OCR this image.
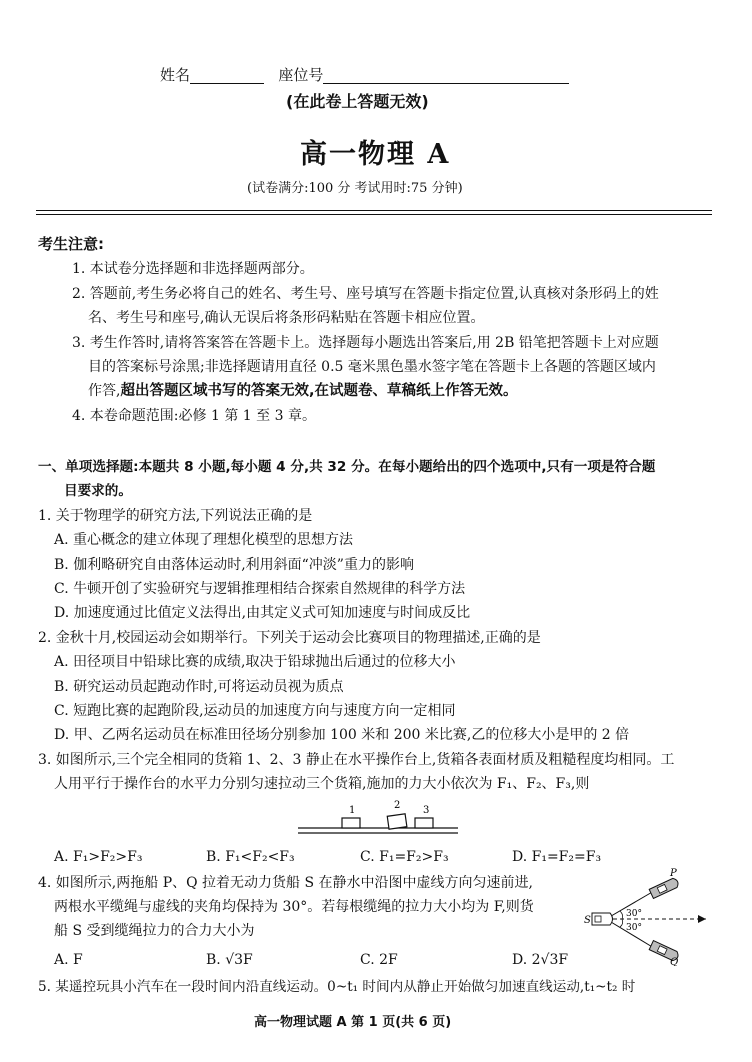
姓名	座位号
(在此卷上答题无效)
高一物理 A
(试卷满分:100 分 考试用时:75 分钟)
考生注意:
1. 本试卷分选择题和非选择题两部分。
2. 答题前,考生务必将自己的姓名、考生号、座号填写在答题卡指定位置,认真核对条形码上的姓
名、考生号和座号,确认无误后将条形码粘贴在答题卡相应位置。
3. 考生作答时,请将答案答在答题卡上。选择题每小题选出答案后,用 2B 铅笔把答题卡上对应题
目的答案标号涂黑;非选择题请用直径 0.5 毫米黑色墨水签字笔在答题卡上各题的答题区域内
作答,超出答题区域书写的答案无效,在试题卷、草稿纸上作答无效。
4. 本卷命题范围:必修 1 第 1 至 3 章。
一、单项选择题:本题共 8 小题,每小题 4 分,共 32 分。在每小题给出的四个选项中,只有一项是符合题
目要求的。
1. 关于物理学的研究方法,下列说法正确的是
A. 重心概念的建立体现了理想化模型的思想方法
B. 伽利略研究自由落体运动时,利用斜面“冲淡”重力的影响
C. 牛顿开创了实验研究与逻辑推理相结合探索自然规律的科学方法
D. 加速度通过比值定义法得出,由其定义式可知加速度与时间成反比
2. 金秋十月,校园运动会如期举行。下列关于运动会比赛项目的物理描述,正确的是
A. 田径项目中铅球比赛的成绩,取决于铅球抛出后通过的位移大小
B. 研究运动员起跑动作时,可将运动员视为质点
C. 短跑比赛的起跑阶段,运动员的加速度方向与速度方向一定相同
D. 甲、乙两名运动员在标准田径场分别参加 100 米和 200 米比赛,乙的位移大小是甲的 2 倍
3. 如图所示,三个完全相同的货箱 1、2、3 静止在水平操作台上,货箱各表面材质及粗糙程度均相同。工
人用平行于操作台的水平力分别匀速拉动三个货箱,施加的力大小依次为 F₁、F₂、F₃,则
1	2 3
A. F₁>F₂>F₃	B. F₁<F₂<F₃	C. F₁=F₂>F₃	D. F₁=F₂=F₃
4. 如图所示,两拖船 P、Q 拉着无动力货船 S 在静水中沿图中虚线方向匀速前进,
两根水平缆绳与虚线的夹角均保持为 30°。若每根缆绳的拉力大小均为 F,则货
船 S 受到缆绳拉力的合力大小为
P
Q
S
30°
30°
A. F	B. √3F	C. 2F	D. 2√3F
5. 某遥控玩具小汽车在一段时间内沿直线运动。0~t₁ 时间内从静止开始做匀加速直线运动,t₁~t₂ 时
高一物理试题 A 第 1 页(共 6 页)
